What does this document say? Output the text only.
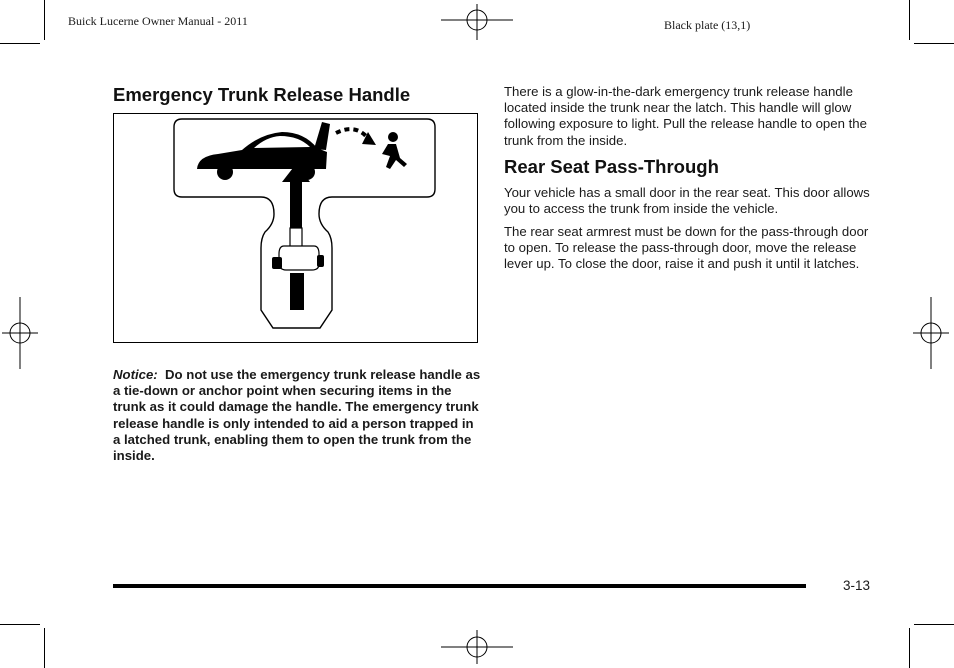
Buick Lucerne Owner Manual - 2011	Black plate (13,1)
Emergency Trunk Release Handle
Notice: Do not use the emergency trunk release handle as a tie-down or anchor point when securing items in the trunk as it could damage the handle. The emergency trunk release handle is only intended to aid a person trapped in a latched trunk, enabling them to open the trunk from the inside.
There is a glow-in-the-dark emergency trunk release handle located inside the trunk near the latch. This handle will glow following exposure to light. Pull the release handle to open the trunk from the inside.
Rear Seat Pass-Through
Your vehicle has a small door in the rear seat. This door allows you to access the trunk from inside the vehicle.
The rear seat armrest must be down for the pass-through door to open. To release the pass-through door, move the release lever up. To close the door, raise it and push it until it latches.
3-13
